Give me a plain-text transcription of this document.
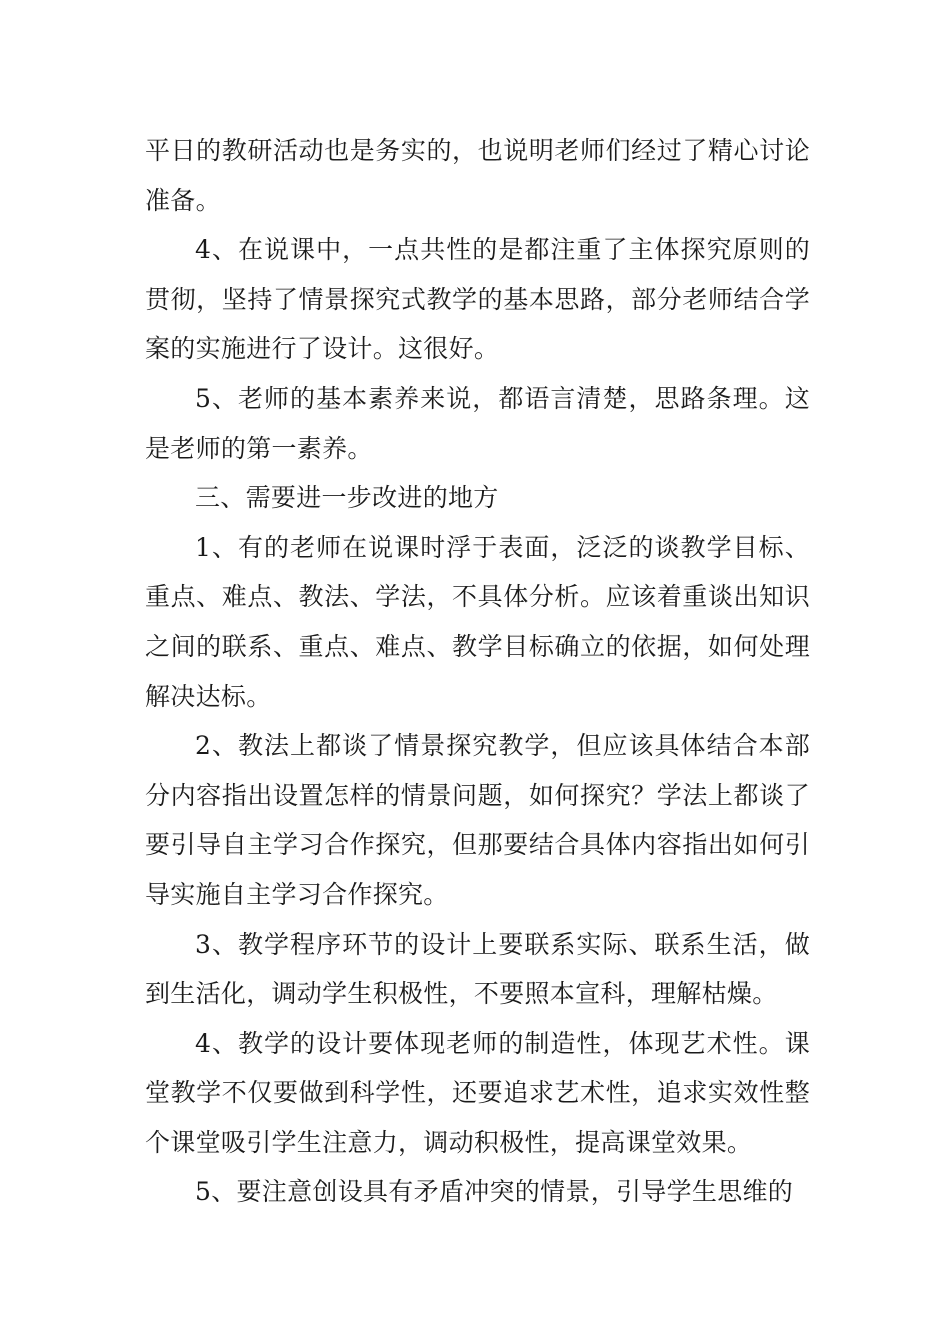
平日的教研活动也是务实的，也说明老师们经过了精心讨论准备。

4、在说课中，一点共性的是都注重了主体探究原则的贯彻，坚持了情景探究式教学的基本思路，部分老师结合学案的实施进行了设计。这很好。

5、老师的基本素养来说，都语言清楚，思路条理。这是老师的第一素养。

三、需要进一步改进的地方

1、有的老师在说课时浮于表面，泛泛的谈教学目标、重点、难点、教法、学法，不具体分析。应该着重谈出知识之间的联系、重点、难点、教学目标确立的依据，如何处理解决达标。

2、教法上都谈了情景探究教学，但应该具体结合本部分内容指出设置怎样的情景问题，如何探究？学法上都谈了要引导自主学习合作探究，但那要结合具体内容指出如何引导实施自主学习合作探究。

3、教学程序环节的设计上要联系实际、联系生活，做到生活化，调动学生积极性，不要照本宣科，理解枯燥。

4、教学的设计要体现老师的制造性，体现艺术性。课堂教学不仅要做到科学性，还要追求艺术性，追求实效性整个课堂吸引学生注意力，调动积极性，提高课堂效果。

5、要注意创设具有矛盾冲突的情景，引导学生思维的
